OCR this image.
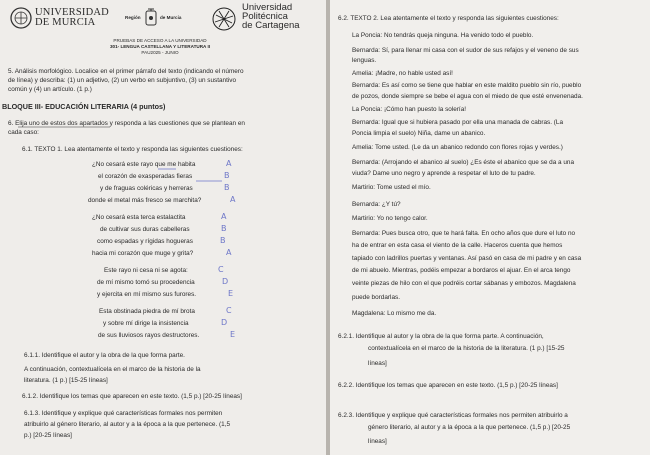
UNIVERSIDAD
DE MURCIA	Región	de Murcia
Universidad
Politécnica
de Cartagena
PRUEBAS DE ACCESO A LA UNIVERSIDAD
301- LENGUA CASTELLANA Y LITERATURA II
PAU2025 - JUNIO
5. Análisis morfológico. Localice en el primer párrafo del texto (indicando el número
de línea) y describa: (1) un adjetivo, (2) un verbo en subjuntivo, (3) un sustantivo
común y (4) un artículo. (1 p.)
BLOQUE III- EDUCACIÓN LITERARIA (4 puntos)
6. Elija uno de estos dos apartados y responda a las cuestiones que se plantean en
cada caso:
6.1. TEXTO 1. Lea atentamente el texto y responda las siguientes cuestiones:
¿No cesará este rayo que me habita	A
el corazón de exasperadas fieras	B
y de fraguas coléricas y herreras	B
donde el metal más fresco se marchita?	A
¿No cesará esta terca estalactita	A
de cultivar sus duras cabelleras	B
como espadas y rígidas hogueras	B
hacia mi corazón que muge y grita?	A
Este rayo ni cesa ni se agota:	C
de mí mismo tomó su procedencia	D
y ejercita en mí mismo sus furores.	E
Esta obstinada piedra de mí brota	C
y sobre mí dirige la insistencia	D
de sus lluviosos rayos destructores.	E
6.1.1. Identifique el autor y la obra de la que forma parte.
A continuación, contextualícela en el marco de la historia de la
literatura. (1 p.) [15-25 líneas]
6.1.2. Identifique los temas que aparecen en este texto. (1,5 p.) [20-25 líneas]
6.1.3. Identifique y explique qué características formales nos permiten
atribuirlo al género literario, al autor y a la época a la que pertenece. (1,5
p.) [20-25 líneas]
6.2. TEXTO 2. Lea atentamente el texto y responda las siguientes cuestiones:
La Poncia: No tendrás queja ninguna. Ha venido todo el pueblo.
Bernarda: Sí, para llenar mi casa con el sudor de sus refajos y el veneno de sus
lenguas.
Amelia: ¡Madre, no hable usted así!
Bernarda: Es así como se tiene que hablar en este maldito pueblo sin río, pueblo
de pozos, donde siempre se bebe el agua con el miedo de que esté envenenada.
La Poncia: ¡Cómo han puesto la solería!
Bernarda: Igual que si hubiera pasado por ella una manada de cabras. (La
Poncia limpia el suelo) Niña, dame un abanico.
Amelia: Tome usted. (Le da un abanico redondo con flores rojas y verdes.)
Bernarda: (Arrojando el abanico al suelo) ¿Es éste el abanico que se da a una
viuda? Dame uno negro y aprende a respetar el luto de tu padre.
Martirio: Tome usted el mío.
Bernarda: ¿Y tú?
Martirio: Yo no tengo calor.
Bernarda: Pues busca otro, que te hará falta. En ocho años que dure el luto no
ha de entrar en esta casa el viento de la calle. Haceros cuenta que hemos
tapiado con ladrillos puertas y ventanas. Así pasó en casa de mi padre y en casa
de mi abuelo. Mientras, podéis empezar a bordaros el ajuar. En el arca tengo
veinte piezas de hilo con el que podréis cortar sábanas y embozos. Magdalena
puede bordarlas.
Magdalena: Lo mismo me da.
6.2.1. Identifique al autor y la obra de la que forma parte. A continuación,
contextualícela en el marco de la historia de la literatura. (1 p.) [15-25
líneas]
6.2.2. Identifique los temas que aparecen en este texto. (1,5 p.) [20-25 líneas]
6.2.3. Identifique y explique qué características formales nos permiten atribuirlo a
género literario, al autor y a la época a la que pertenece. (1,5 p.) [20-25
líneas]
